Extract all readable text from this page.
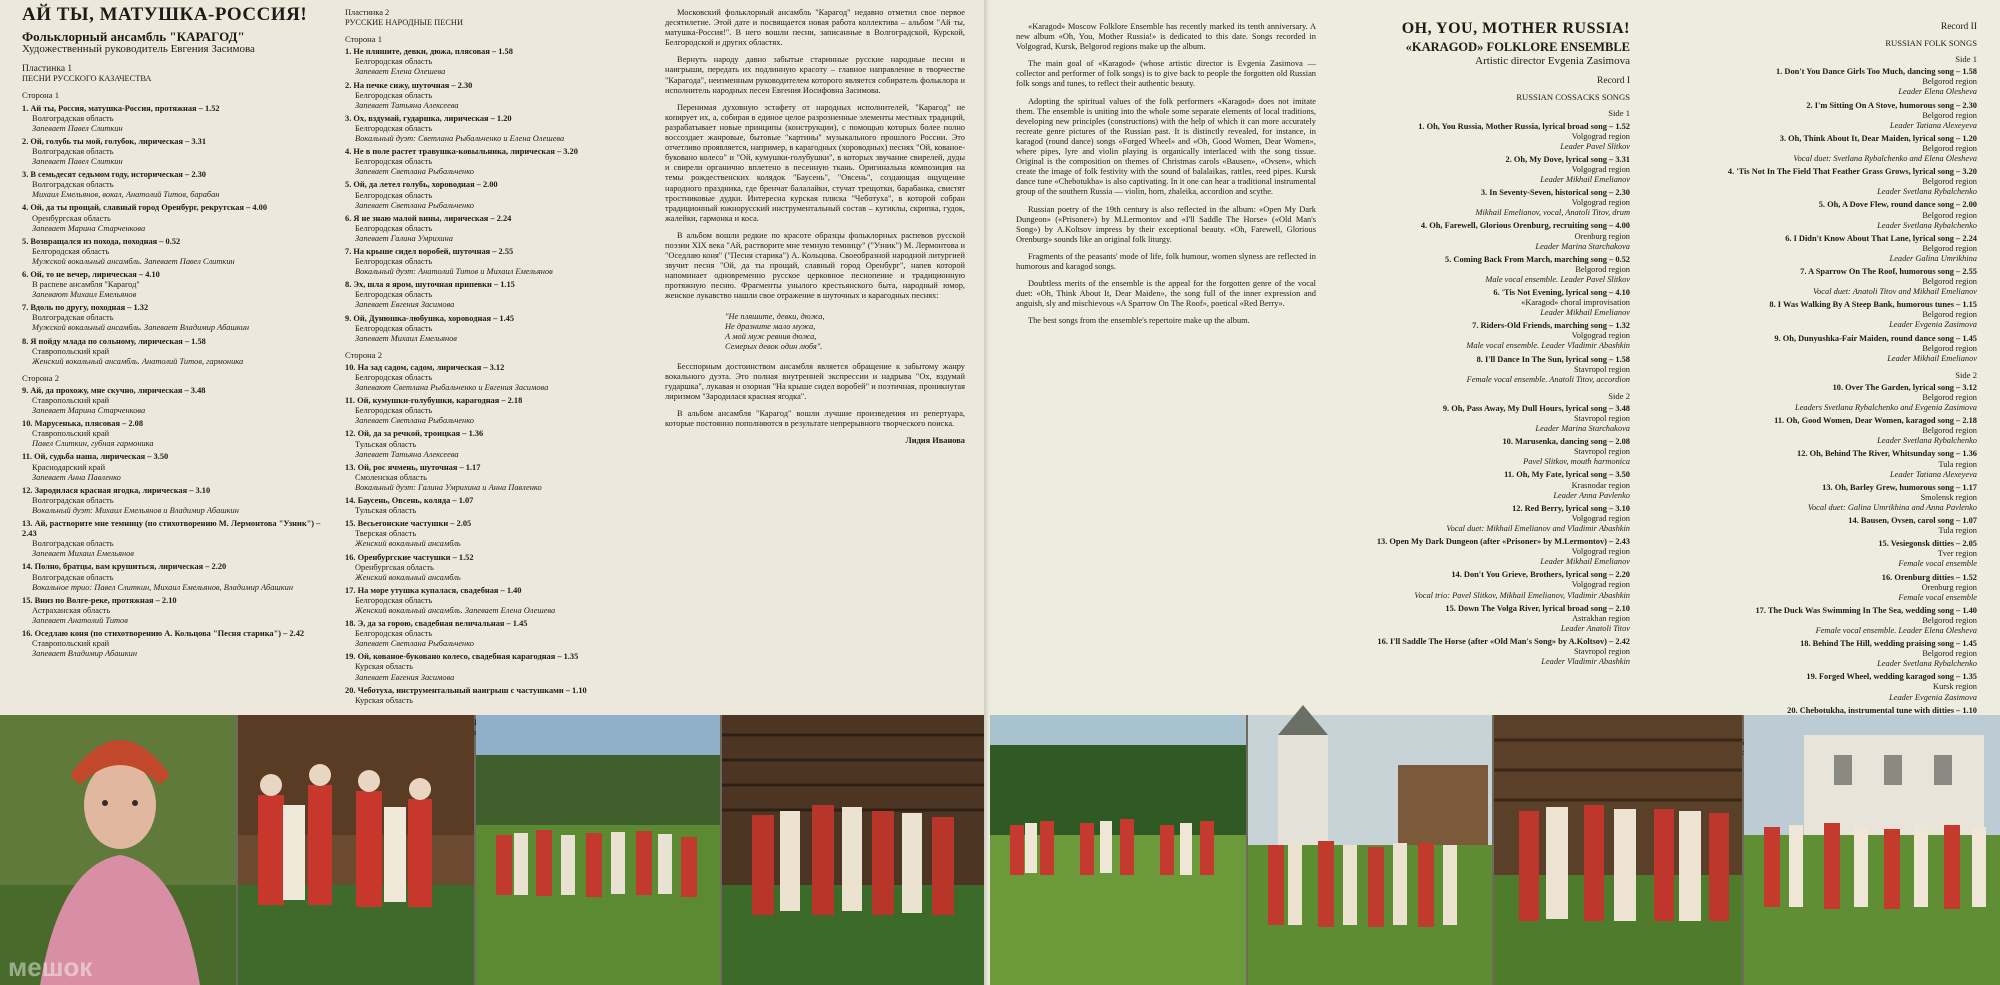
АЙ ТЫ, МАТУШКА-РОССИЯ!
Фольклорный ансамбль "КАРАГОД"
Художественный руководитель Евгения Засимова
Пластинка 1
ПЕСНИ РУССКОГО КАЗАЧЕСТВА
Сторона 1
1. Ай ты, Россия, матушка-Россия, протяжная – 1.52
Волгоградская область
Запевает Павел Слиткин
2. Ой, голубь ты мой, голубок, лирическая – 3.31
Волгоградская область
Запевает Павел Слиткин
3. В семьдесят седьмом году, историческая – 2.30
Волгоградская область
Михаил Емельянов, вокал, Анатолий Титов, барабан
4. Ой, да ты прощай, славный город Оренбург, рекрутская – 4.00
Оренбургская область
Запевает Марина Старченкова
5. Возвращался из похода, походная – 0.52
Белгородская область
Мужской вокальный ансамбль. Запевает Павел Слиткин
6. Ой, то не вечер, лирическая – 4.10
В распеве ансамбля "Карагод"
Запевают Михаил Емельянов
7. Вдоль по другу, походная – 1.32
Волгоградская область
Мужской вокальный ансамбль. Запевает Владимир Абашкин
8. Я пойду млада по сольному, лирическая – 1.58
Ставропольский край
Женский вокальный ансамбль. Анатолий Титов, гармоника
Сторона 2
9. Ай, да прохожу, мне скучно, лирическая – 3.48
Ставропольский край
Запевает Марина Старченкова
10. Марусенька, плясовая – 2.08
Ставропольский край
Павел Слиткин, губная гармоника
11. Ой, судьба наша, лирическая – 3.50
Краснодарский край
Запевает Анна Павленко
12. Зародилася красная ягодка, лирическая – 3.10
Волгоградская область
Вокальный дуэт: Михаил Емельянов и Владимир Абашкин
13. Ай, растворите мне темницу (по стихотворению М. Лермонтова "Узник") – 2.43
Волгоградская область
Запевает Михаил Емельянов
14. Полно, братцы, вам крушиться, лирическая – 2.20
Волгоградская область
Вокальное трио: Павел Слиткин, Михаил Емельянов, Владимир Абашкин
15. Вниз по Волге-реке, протяжная – 2.10
Астраханская область
Запевает Анатолий Титов
16. Оседлаю коня (по стихотворению А. Кольцова "Песня старика") – 2.42
Ставропольский край
Запевает Владимир Абашкин
Пластинка 2
РУССКИЕ НАРОДНЫЕ ПЕСНИ
Сторона 1
1. Не пляшите, девки, дюжа, плясовая – 1.58
Белгородская область
Запевает Елена Олешева
2. На печке сижу, шуточная – 2.30
Белгородская область
Запевает Татьяна Алексеева
3. Ох, вздумай, гударшка, лирическая – 1.20
Белгородская область
Вокальный дуэт: Светлана Рыбальченко и Елена Олешева
4. Не в поле растет травушка-ковыльника, лирическая – 3.20
Белгородская область
Запевает Светлана Рыбальченко
5. Ой, да летел голубь, хороводная – 2.00
Белгородская область
Запевает Светлана Рыбальченко
6. Я не знаю малой вины, лирическая – 2.24
Белгородская область
Запевает Галина Умрихина
7. На крыше сидел воробей, шуточная – 2.55
Белгородская область
Вокальный дуэт: Анатолий Титов и Михаил Емельянов
8. Эх, шла я яром, шуточная припевки – 1.15
Белгородская область
Запевает Евгения Засимова
9. Ой, Дунюшка-любушка, хороводная – 1.45
Белгородская область
Запевает Михаил Емельянов
Сторона 2
10. На зад садом, садом, лирическая – 3.12
Белгородская область
Запевают Светлана Рыбальченко и Евгения Засимова
11. Ой, кумушки-голубушки, карагодная – 2.18
Белгородская область
Запевает Светлана Рыбальченко
12. Ой, да за речкой, троицкая – 1.36
Тульская область
Запевает Татьяна Алексеева
13. Ой, рос ячмень, шуточная – 1.17
Смоленская область
Вокальный дуэт: Галина Умрихина и Анна Павленко
14. Баусень, Овсень, коляда – 1.07
Тульская область
15. Весьегонские частушки – 2.05
Тверская область
Женский вокальный ансамбль
16. Оренбургские частушки – 1.52
Оренбургская область
Женский вокальный ансамбль
17. На море утушка купалася, свадебная – 1.40
Белгородская область
Женский вокальный ансамбль. Запевает Елена Олешева
18. Э, да за горою, свадебная величальная – 1.45
Белгородская область
Запевает Светлана Рыбальченко
19. Ой, кованое-буковано колесо, свадебная карагодная – 1.35
Курская область
Запевает Евгения Засимова
20. Чеботуха, инструментальный наигрыш с частушками – 1.10
Курская область

Московский фольклорный ансамбль "Карагод" недавно отметил свое первое десятилетие. Этой дате и посвящается новая работа коллектива – альбом "Ай ты, матушка-Россия!". В него вошли песни, записанные в Волгоградской, Курской, Белгородской и других областях.

Вернуть народу давно забытые старинные русские народные песни и наигрыши, передать их подлинную красоту – главное направление в творчестве "Карагода", неизменным руководителем которого является собиратель фольклора и исполнитель народных песен Евгения Иосифовна Засимова.

Перенимая духовную эстафету от народных исполнителей, "Карагод" не копирует их, а, собирая в единое целое разрозненные элементы местных традиций, разрабатывает новые принципы (конструкции), с помощью которых более полно воссоздает жанровые, бытовые "картины" музыкального прошлого России. Это отчетливо проявляется, например, в карагодных (хороводных) песнях "Ой, кованое-буковано колесо" и "Ой, кумушки-голубушки", в которых звучание свирелей, дуды и свирели органично вплетено в песенную ткань. Оригинальна композиция на темы рождественских колядок "Баусень", "Овсень", создающая ощущение народного праздника, где бренчат балалайки, стучат трещотки, барабанка, свистят тростниковые дудки. Интересна курская пляска "Чеботуха", в которой собран традиционный южнорусский инструментальный состав – кугиклы, скрипка, гудок, жалейки, гармонка и коса.

В альбом вошли редкие по красоте образцы фольклорных распевов русской поэзии XIX века "Ай, растворите мне темную темницу" ("Узник") М. Лермонтова и "Оседлаю коня" ("Песня старика") А. Кольцова. Своеобразной народной литургией звучит песня "Ой, да ты прощай, славный город Оренбург", напев которой напоминает одновременно русское церковное песнопение и традиционную протяжную песню. Фрагменты унылого крестьянского быта, народный юмор, женское лукавство нашли свое отражение в шуточных и карагодных песнях:

"Не пляшите, девки, дюжа,
Не дразните мало мужа,
А мой муж ревнив дюжа,
Семерых девок один любя".

Бесспорным достоинством ансамбля является обращение к забытому жанру вокального дуэта. Это полная внутренней экспрессии и надрыва "Ох, вздумай гударшка", лукавая и озорная "На крыше сидел воробей" и поэтичная, проникнутая лиризмом "Зародилася красная ягодка".

В альбом ансамбля "Карагод" вошли лучшие произведения из репертуара, которые постоянно пополняются в результате непрерывного творческого поиска.

Лидия Иванова

«Karagod» Moscow Folklore Ensemble has recently marked its tenth anniversary. A new album «Oh, You, Mother Russia!» is dedicated to this date. Songs recorded in Volgograd, Kursk, Belgorod regions make up the album.

The main goal of «Karagod» (whose artistic director is Evgenia Zasimova — collector and performer of folk songs) is to give back to people the forgotten old Russian folk songs and tunes, to reflect their authentic beauty.

Adopting the spiritual values of the folk performers «Karagod» does not imitate them. The ensemble is uniting into the whole some separate elements of local traditions, developing new principles (constructions) with the help of which it can more accurately recreate genre pictures of the Russian past. It is distinctly revealed, for instance, in karagod (round dance) songs «Forged Wheel» and «Oh, Good Women, Dear Women», where pipes, lyre and violin playing is organically interlaced with the song tissue. Original is the composition on themes of Christmas carols «Bausen», «Ovsen», which create the image of folk festivity with the sound of balalaikas, rattles, reed pipes. Kursk dance tune «Chebotukha» is also captivating. In it one can hear a traditional instrumental group of the southern Russia — violin, horn, zhaleika, accordion and scythe.

Russian poetry of the 19th century is also reflected in the album: «Open My Dark Dungeon» («Prisoner») by M.Lermontov and «I'll Saddle The Horse» («Old Man's Song») by A.Koltsov impress by their exceptional beauty. «Oh, Farewell, Glorious Orenburg» sounds like an original folk liturgy.

Fragments of the peasants' mode of life, folk humour, women slyness are reflected in humorous and karagod songs.

Doubtless merits of the ensemble is the appeal for the forgotten genre of the vocal duet: «Oh, Think About It, Dear Maiden», the song full of the inner expression and anguish, sly and mischievous «A Sparrow On The Roof», poetical «Red Berry».

The best songs from the ensemble's repertoire make up the album.

OH, YOU, MOTHER RUSSIA!
«KARAGOD» FOLKLORE ENSEMBLE
Artistic director Evgenia Zasimova
Record I
RUSSIAN COSSACKS SONGS
Side 1
1. Oh, You Russia, Mother Russia, lyrical broad song – 1.52
Volgograd region
Leader Pavel Slitkov
2. Oh, My Dove, lyrical song – 3.31
Volgograd region
Leader Mikhail Emelianov
3. In Seventy-Seven, historical song – 2.30
Volgograd region
Mikhail Emelianov, vocal, Anatoli Titov, drum
4. Oh, Farewell, Glorious Orenburg, recruiting song – 4.00
Orenburg region
Leader Marina Starchakova
5. Coming Back From March, marching song – 0.52
Belgorod region
Male vocal ensemble. Leader Pavel Slitkov
6. 'Tis Not Evening, lyrical song – 4.10
«Karagod» choral improvisation
Leader Mikhail Emelianov
7. Riders-Old Friends, marching song – 1.32
Volgograd region
Male vocal ensemble. Leader Vladimir Abashkin
8. I'll Dance In The Sun, lyrical song – 1.58
Stavropol region
Female vocal ensemble. Anatoli Titov, accordion
Side 2
9. Oh, Pass Away, My Dull Hours, lyrical song – 3.48
Stavropol region
Leader Marina Starchakova
10. Marusenka, dancing song – 2.08
Stavropol region
Pavel Slitkov, mouth harmonica
11. Oh, My Fate, lyrical song – 3.50
Krasnodar region
Leader Anna Pavlenko
12. Red Berry, lyrical song – 3.10
Volgograd region
Vocal duet: Mikhail Emelianov and Vladimir Abashkin
13. Open My Dark Dungeon (after «Prisoner» by M.Lermontov) – 2.43
Volgograd region
Leader Mikhail Emelianov
14. Don't You Grieve, Brothers, lyrical song – 2.20
Volgograd region
Vocal trio: Pavel Slitkov, Mikhail Emelianov, Vladimir Abashkin
15. Down The Volga River, lyrical broad song – 2.10
Astrakhan region
Leader Anatoli Titov
16. I'll Saddle The Horse (after «Old Man's Song» by A.Koltsov) – 2.42
Stavropol region
Leader Vladimir Abashkin
Record II
RUSSIAN FOLK SONGS
Side 1
1. Don't You Dance Girls Too Much, dancing song – 1.58
Belgorod region
Leader Elena Olesheva
2. I'm Sitting On A Stove, humorous song – 2.30
Belgorod region
Leader Tatiana Alexeyeva
3. Oh, Think About It, Dear Maiden, lyrical song – 1.20
Belgorod region
Vocal duet: Svetlana Rybalchenko and Elena Olesheva
4. 'Tis Not In The Field That Feather Grass Grows, lyrical song – 3.20
Belgorod region
Leader Svetlana Rybalchenko
5. Oh, A Dove Flew, round dance song – 2.00
Belgorod region
Leader Svetlana Rybalchenko
6. I Didn't Know About That Lane, lyrical song – 2.24
Belgorod region
Leader Galina Umrikhina
7. A Sparrow On The Roof, humorous song – 2.55
Belgorod region
Vocal duet: Anatoli Titov and Mikhail Emelianov
8. I Was Walking By A Steep Bank, humorous tunes – 1.15
Belgorod region
Leader Evgenia Zasimova
9. Oh, Dunyushka-Fair Maiden, round dance song – 1.45
Belgorod region
Leader Mikhail Emelianov
Side 2
10. Over The Garden, lyrical song – 3.12
Belgorod region
Leaders Svetlana Rybalchenko and Evgenia Zasimova
11. Oh, Good Women, Dear Women, karagod song – 2.18
Belgorod region
Leader Svetlana Rybalchenko
12. Oh, Behind The River, Whitsunday song – 1.36
Tula region
Leader Tatiana Alexeyeva
13. Oh, Barley Grew, humorous song – 1.17
Smolensk region
Vocal duet: Galina Umrikhina and Anna Pavlenko
14. Bausen, Ovsen, carol song – 1.07
Tula region
15. Vesiegonsk ditties – 2.05
Tver region
Female vocal ensemble
16. Orenburg ditties – 1.52
Orenburg region
Female vocal ensemble
17. The Duck Was Swimming In The Sea, wedding song – 1.40
Belgorod region
Female vocal ensemble. Leader Elena Olesheva
18. Behind The Hill, wedding praising song – 1.45
Belgorod region
Leader Svetlana Rybalchenko
19. Forged Wheel, wedding karagod song – 1.35
Kursk region
Leader Evgenia Zasimova
20. Chebotukha, instrumental tune with ditties – 1.10
photo
мешок
